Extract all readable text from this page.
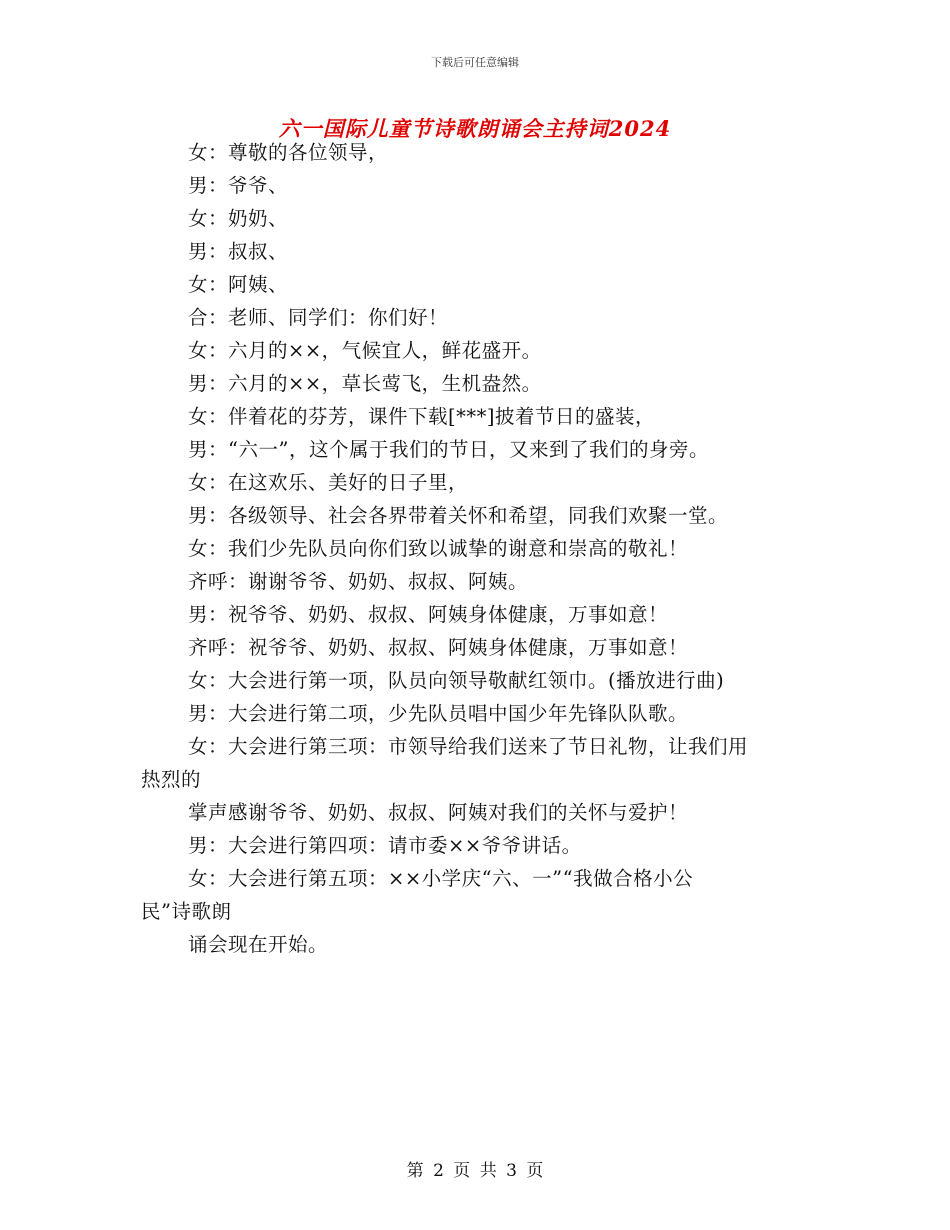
下载后可任意编辑
六一国际儿童节诗歌朗诵会主持词2024
女：尊敬的各位领导，
男：爷爷、
女：奶奶、
男：叔叔、
女：阿姨、
合：老师、同学们：你们好！
女：六月的××，气候宜人，鲜花盛开。
男：六月的××，草长莺飞，生机盎然。
女：伴着花的芬芳，课件下载[***]披着节日的盛装，
男：“六一”，这个属于我们的节日，又来到了我们的身旁。
女：在这欢乐、美好的日子里，
男：各级领导、社会各界带着关怀和希望，同我们欢聚一堂。
女：我们少先队员向你们致以诚挚的谢意和崇高的敬礼！
齐呼：谢谢爷爷、奶奶、叔叔、阿姨。
男：祝爷爷、奶奶、叔叔、阿姨身体健康，万事如意！
齐呼：祝爷爷、奶奶、叔叔、阿姨身体健康，万事如意！
女：大会进行第一项，队员向领导敬献红领巾。(播放进行曲)
男：大会进行第二项，少先队员唱中国少年先锋队队歌。
女：大会进行第三项：市领导给我们送来了节日礼物，让我们用
热烈的
掌声感谢爷爷、奶奶、叔叔、阿姨对我们的关怀与爱护！
男：大会进行第四项：请市委××爷爷讲话。
女：大会进行第五项：××小学庆“六、一”“我做合格小公
民”诗歌朗
诵会现在开始。
第 2 页 共 3 页
